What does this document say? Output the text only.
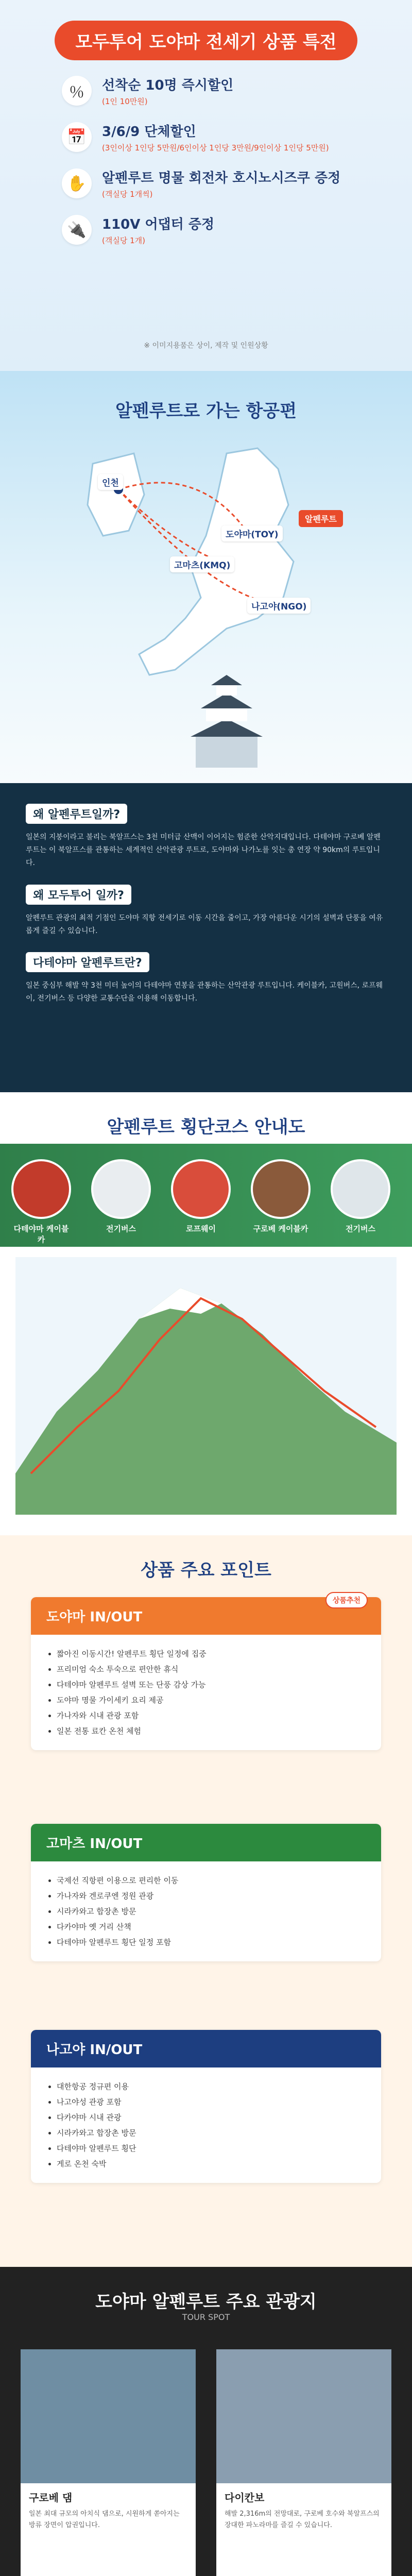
모두투어 도야마 전세기 상품 특전
％	선착순 10명 즉시할인
(1인 10만원)
📅	3/6/9 단체할인
(3인이상 1인당 5만원/6인이상 1인당 3만원/9인이상 1인당 5만원)
✋	알펜루트 명물 회전차 호시노시즈쿠 증정
(객실당 1개씩)
🔌	110V 어댑터 증정
(객실당 1개)
※ 이미지용품은 상이, 제작 및 인원상황
알펜루트로 가는 항공편
인천
도야마(TOY)
알펜루트
고마츠(KMQ)
나고야(NGO)
왜 알펜루트일까?

일본의 지붕이라고 불리는 북알프스는 3천 미터급 산맥이 이어지는 험준한 산악지대입니다. 다테야마 구로베 알펜루트는 이 북알프스를 관통하는 세계적인 산악관광 루트로, 도야마와 나가노를 잇는 총 연장 약 90km의 루트입니다.

왜 모두투어 일까?

알펜루트 관광의 최적 기점인 도야마 직항 전세기로 이동 시간을 줄이고, 가장 아름다운 시기의 설벽과 단풍을 여유롭게 즐길 수 있습니다.

다테야마 알펜루트란?

일본 중심부 해발 약 3천 미터 높이의 다테야마 연봉을 관통하는 산악관광 루트입니다. 케이블카, 고원버스, 로프웨이, 전기버스 등 다양한 교통수단을 이용해 이동합니다.

알펜루트 횡단코스 안내도
다테야마 케이블카
전기버스	로프웨이	구로베 케이블카	전기버스
상품 주요 포인트
상품추천
도야마 IN/OUT
• 짧아진 이동시간! 알펜루트 횡단 일정에 집중
• 프리미엄 숙소 투숙으로 편안한 휴식
• 다테야마 알펜루트 설벽 또는 단풍 감상 가능
• 도야마 명물 가이세키 요리 제공
• 가나자와 시내 관광 포함
• 일본 전통 료칸 온천 체험
고마츠 IN/OUT
• 국제선 직항편 이용으로 편리한 이동
• 가나자와 겐로쿠엔 정원 관광
• 시라카와고 합장촌 방문
• 다카야마 옛 거리 산책
• 다테야마 알펜루트 횡단 일정 포함
나고야 IN/OUT
• 대한항공 정규편 이용
• 나고야성 관광 포함
• 다카야마 시내 관광
• 시라카와고 합장촌 방문
• 다테야마 알펜루트 횡단
• 게로 온천 숙박
도야마 알펜루트 주요 관광지
TOUR SPOT
구로베 댐
일본 최대 규모의 아치식 댐으로, 시원하게 쏟아지는 방류 장면이 압권입니다.
다이칸보
해발 2,316m의 전망대로, 구로베 호수와 북알프스의 장대한 파노라마를 즐길 수 있습니다.
